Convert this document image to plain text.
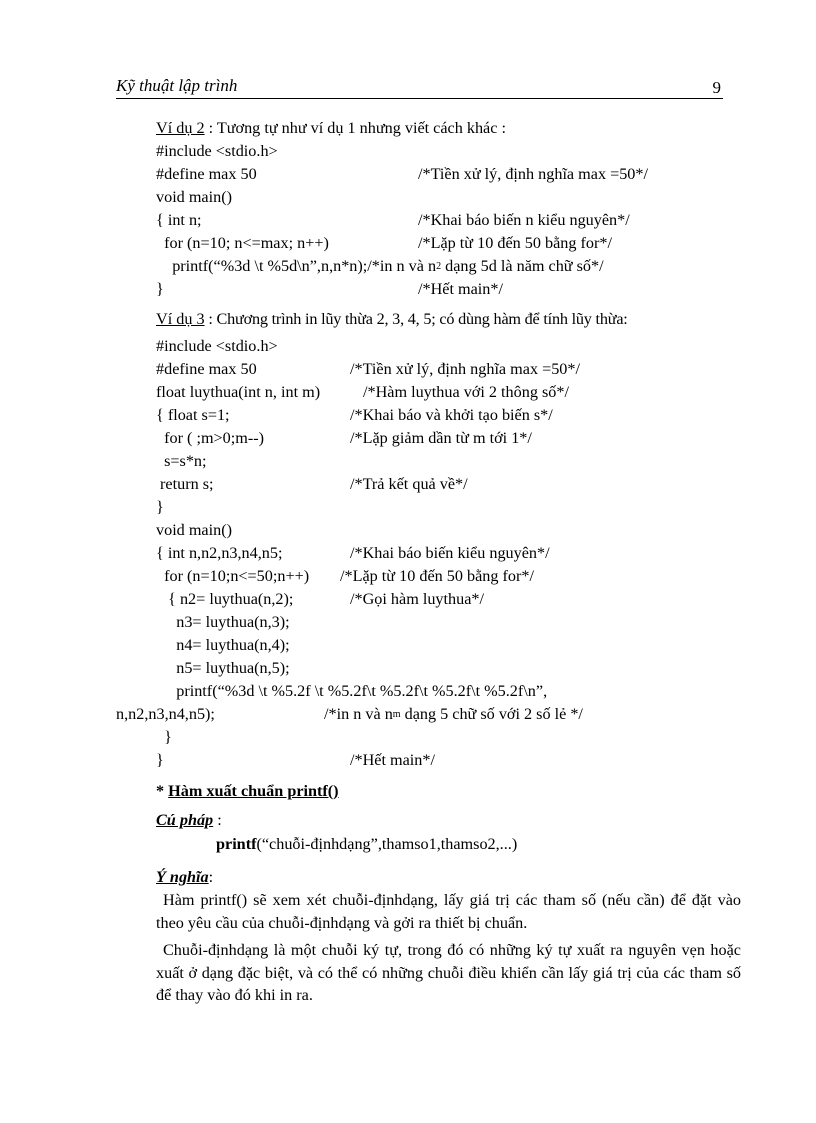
Kỹ thuật lập trình	9
Ví dụ 2 : Tương tự như ví dụ 1 nhưng viết cách khác :
#include <stdio.h>
#define max 50	/*Tiền xử lý, định nghĩa max =50*/
void main()
{ int n;	/*Khai báo biến n kiểu nguyên*/
for (n=10; n<=max; n++)	/*Lặp từ 10 đến 50 bằng for*/
printf(“%3d \t %5d\n”,n,n*n);/*in n và $n^2$ dạng 5d là năm chữ số*/
}	/*Hết main*/
Ví dụ 3 : Chương trình in lũy thừa 2, 3, 4, 5; có dùng hàm để tính lũy thừa:
#include <stdio.h>
#define max 50	/*Tiền xử lý, định nghĩa max =50*/
float luythua(int n, int m)	/*Hàm luythua với 2 thông số*/
{ float s=1;	/*Khai báo và khởi tạo biến s*/
for ( ;m>0;m--)	/*Lặp giảm dần từ m tới 1*/
s=s*n;
return s;	/*Trả kết quả về*/
}
void main()
{ int n,n2,n3,n4,n5;	/*Khai báo biến kiểu nguyên*/
for (n=10;n<=50;n++) /*Lặp từ 10 đến 50 bằng for*/
{ n2= luythua(n,2);	/*Gọi hàm luythua*/
n3= luythua(n,3);
n4= luythua(n,4);
n5= luythua(n,5);
printf(“%3d \t %5.2f \t %5.2f\t %5.2f\t %5.2f\t %5.2f\n”,
n,n2,n3,n4,n5);	/*in n và $n^m$ dạng 5 chữ số với 2 số lẻ */
}
}	/*Hết main*/
* Hàm xuất chuẩn printf()
Cú pháp :
printf(“chuỗi-địnhdạng”,thamso1,thamso2,...)
Ý nghĩa:
Hàm printf() sẽ xem xét chuỗi-địnhdạng, lấy giá trị các tham số (nếu cần) để đặt vào theo yêu cầu của chuỗi-địnhdạng và gởi ra thiết bị chuẩn.
Chuỗi-địnhdạng là một chuỗi ký tự, trong đó có những ký tự xuất ra nguyên vẹn hoặc xuất ở dạng đặc biệt, và có thể có những chuỗi điều khiển cần lấy giá trị của các tham số để thay vào đó khi in ra.
